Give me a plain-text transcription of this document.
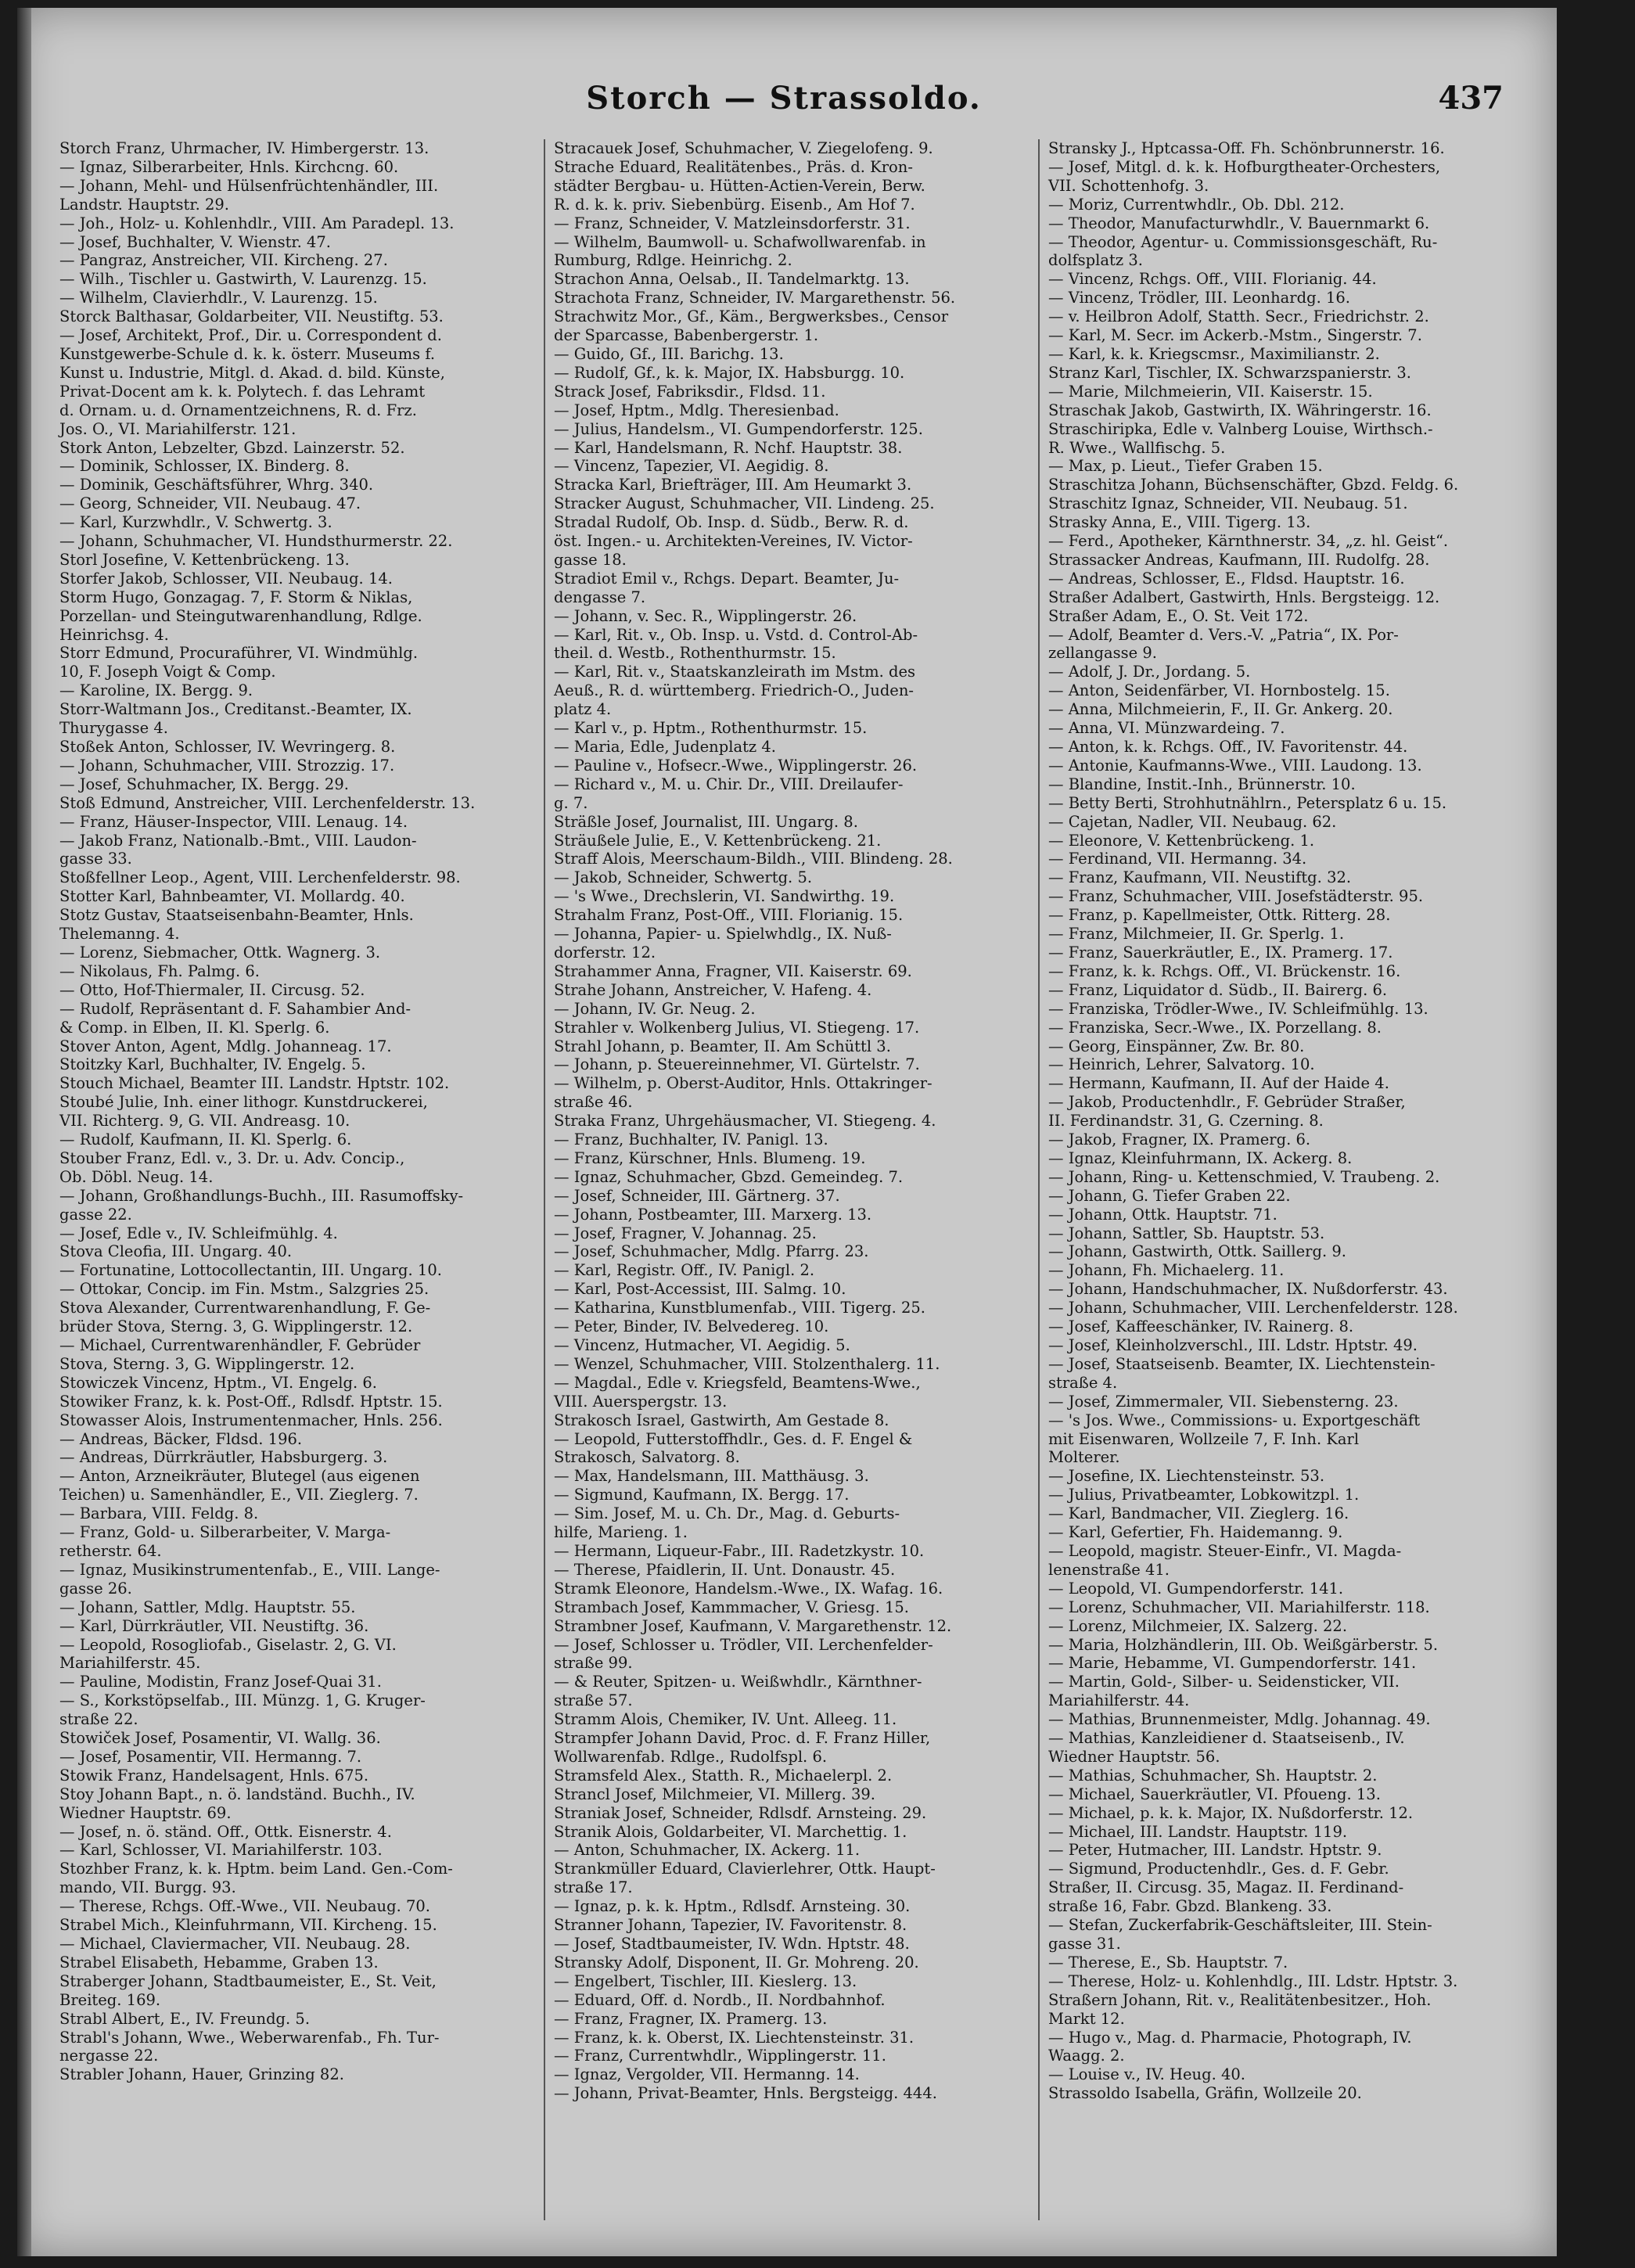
Storch — Strassoldo.	437
Storch Franz, Uhrmacher, IV. Himbergerstr. 13.
— Ignaz, Silberarbeiter, Hnls. Kirchcng. 60.
— Johann, Mehl- und Hülsenfrüchtenhändler, III.
Landstr. Hauptstr. 29.
— Joh., Holz- u. Kohlenhdlr., VIII. Am Paradepl. 13.
— Josef, Buchhalter, V. Wienstr. 47.
— Pangraz, Anstreicher, VII. Kircheng. 27.
— Wilh., Tischler u. Gastwirth, V. Laurenzg. 15.
— Wilhelm, Clavierhdlr., V. Laurenzg. 15.
Storck Balthasar, Goldarbeiter, VII. Neustiftg. 53.
— Josef, Architekt, Prof., Dir. u. Correspondent d.
Kunstgewerbe-Schule d. k. k. österr. Museums f.
Kunst u. Industrie, Mitgl. d. Akad. d. bild. Künste,
Privat-Docent am k. k. Polytech. f. das Lehramt
d. Ornam. u. d. Ornamentzeichnens, R. d. Frz.
Jos. O., VI. Mariahilferstr. 121.
Stork Anton, Lebzelter, Gbzd. Lainzerstr. 52.
— Dominik, Schlosser, IX. Binderg. 8.
— Dominik, Geschäftsführer, Whrg. 340.
— Georg, Schneider, VII. Neubaug. 47.
— Karl, Kurzwhdlr., V. Schwertg. 3.
— Johann, Schuhmacher, VI. Hundsthurmerstr. 22.
Storl Josefine, V. Kettenbrückeng. 13.
Storfer Jakob, Schlosser, VII. Neubaug. 14.
Storm Hugo, Gonzagag. 7, F. Storm & Niklas,
Porzellan- und Steingutwarenhandlung, Rdlge.
Heinrichsg. 4.
Storr Edmund, Procuraführer, VI. Windmühlg.
10, F. Joseph Voigt & Comp.
— Karoline, IX. Bergg. 9.
Storr-Waltmann Jos., Creditanst.-Beamter, IX.
Thurygasse 4.
Stoßek Anton, Schlosser, IV. Wevringerg. 8.
— Johann, Schuhmacher, VIII. Strozzig. 17.
— Josef, Schuhmacher, IX. Bergg. 29.
Stoß Edmund, Anstreicher, VIII. Lerchenfelderstr. 13.
— Franz, Häuser-Inspector, VIII. Lenaug. 14.
— Jakob Franz, Nationalb.-Bmt., VIII. Laudon-
gasse 33.
Stoßfellner Leop., Agent, VIII. Lerchenfelderstr. 98.
Stotter Karl, Bahnbeamter, VI. Mollardg. 40.
Stotz Gustav, Staatseisenbahn-Beamter, Hnls.
Thelemanng. 4.
— Lorenz, Siebmacher, Ottk. Wagnerg. 3.
— Nikolaus, Fh. Palmg. 6.
— Otto, Hof-Thiermaler, II. Circusg. 52.
— Rudolf, Repräsentant d. F. Sahambier And-
& Comp. in Elben, II. Kl. Sperlg. 6.
Stover Anton, Agent, Mdlg. Johanneag. 17.
Stoitzky Karl, Buchhalter, IV. Engelg. 5.
Stouch Michael, Beamter III. Landstr. Hptstr. 102.
Stoubé Julie, Inh. einer lithogr. Kunstdruckerei,
VII. Richterg. 9, G. VII. Andreasg. 10.
— Rudolf, Kaufmann, II. Kl. Sperlg. 6.
Stouber Franz, Edl. v., 3. Dr. u. Adv. Concip.,
Ob. Döbl. Neug. 14.
— Johann, Großhandlungs-Buchh., III. Rasumoffsky-
gasse 22.
— Josef, Edle v., IV. Schleifmühlg. 4.
Stova Cleofia, III. Ungarg. 40.
— Fortunatine, Lottocollectantin, III. Ungarg. 10.
— Ottokar, Concip. im Fin. Mstm., Salzgries 25.
Stova Alexander, Currentwarenhandlung, F. Ge-
brüder Stova, Sterng. 3, G. Wipplingerstr. 12.
— Michael, Currentwarenhändler, F. Gebrüder
Stova, Sterng. 3, G. Wipplingerstr. 12.
Stowiczek Vincenz, Hptm., VI. Engelg. 6.
Stowiker Franz, k. k. Post-Off., Rdlsdf. Hptstr. 15.
Stowasser Alois, Instrumentenmacher, Hnls. 256.
— Andreas, Bäcker, Fldsd. 196.
— Andreas, Dürrkräutler, Habsburgerg. 3.
— Anton, Arzneikräuter, Blutegel (aus eigenen
Teichen) u. Samenhändler, E., VII. Zieglerg. 7.
— Barbara, VIII. Feldg. 8.
— Franz, Gold- u. Silberarbeiter, V. Marga-
retherstr. 64.
— Ignaz, Musikinstrumentenfab., E., VIII. Lange-
gasse 26.
— Johann, Sattler, Mdlg. Hauptstr. 55.
— Karl, Dürrkräutler, VII. Neustiftg. 36.
— Leopold, Rosogliofab., Giselastr. 2, G. VI.
Mariahilferstr. 45.
— Pauline, Modistin, Franz Josef-Quai 31.
— S., Korkstöpselfab., III. Münzg. 1, G. Kruger-
straße 22.
Stowiček Josef, Posamentir, VI. Wallg. 36.
— Josef, Posamentir, VII. Hermanng. 7.
Stowik Franz, Handelsagent, Hnls. 675.
Stoy Johann Bapt., n. ö. landständ. Buchh., IV.
Wiedner Hauptstr. 69.
— Josef, n. ö. ständ. Off., Ottk. Eisnerstr. 4.
— Karl, Schlosser, VI. Mariahilferstr. 103.
Stozhber Franz, k. k. Hptm. beim Land. Gen.-Com-
mando, VII. Burgg. 93.
— Therese, Rchgs. Off.-Wwe., VII. Neubaug. 70.
Strabel Mich., Kleinfuhrmann, VII. Kircheng. 15.
— Michael, Claviermacher, VII. Neubaug. 28.
Strabel Elisabeth, Hebamme, Graben 13.
Straberger Johann, Stadtbaumeister, E., St. Veit,
Breiteg. 169.
Strabl Albert, E., IV. Freundg. 5.
Strabl's Johann, Wwe., Weberwarenfab., Fh. Tur-
nergasse 22.
Strabler Johann, Hauer, Grinzing 82.
Stracauek Josef, Schuhmacher, V. Ziegelofeng. 9.
Strache Eduard, Realitätenbes., Präs. d. Kron-
städter Bergbau- u. Hütten-Actien-Verein, Berw.
R. d. k. k. priv. Siebenbürg. Eisenb., Am Hof 7.
— Franz, Schneider, V. Matzleinsdorferstr. 31.
— Wilhelm, Baumwoll- u. Schafwollwarenfab. in
Rumburg, Rdlge. Heinrichg. 2.
Strachon Anna, Oelsab., II. Tandelmarktg. 13.
Strachota Franz, Schneider, IV. Margarethenstr. 56.
Strachwitz Mor., Gf., Käm., Bergwerksbes., Censor
der Sparcasse, Babenbergerstr. 1.
— Guido, Gf., III. Barichg. 13.
— Rudolf, Gf., k. k. Major, IX. Habsburgg. 10.
Strack Josef, Fabriksdir., Fldsd. 11.
— Josef, Hptm., Mdlg. Theresienbad.
— Julius, Handelsm., VI. Gumpendorferstr. 125.
— Karl, Handelsmann, R. Nchf. Hauptstr. 38.
— Vincenz, Tapezier, VI. Aegidig. 8.
Stracka Karl, Briefträger, III. Am Heumarkt 3.
Stracker August, Schuhmacher, VII. Lindeng. 25.
Stradal Rudolf, Ob. Insp. d. Südb., Berw. R. d.
öst. Ingen.- u. Architekten-Vereines, IV. Victor-
gasse 18.
Stradiot Emil v., Rchgs. Depart. Beamter, Ju-
dengasse 7.
— Johann, v. Sec. R., Wipplingerstr. 26.
— Karl, Rit. v., Ob. Insp. u. Vstd. d. Control-Ab-
theil. d. Westb., Rothenthurmstr. 15.
— Karl, Rit. v., Staatskanzleirath im Mstm. des
Aeuß., R. d. württemberg. Friedrich-O., Juden-
platz 4.
— Karl v., p. Hptm., Rothenthurmstr. 15.
— Maria, Edle, Judenplatz 4.
— Pauline v., Hofsecr.-Wwe., Wipplingerstr. 26.
— Richard v., M. u. Chir. Dr., VIII. Dreilaufer-
g. 7.
Sträßle Josef, Journalist, III. Ungarg. 8.
Sträußele Julie, E., V. Kettenbrückeng. 21.
Straff Alois, Meerschaum-Bildh., VIII. Blindeng. 28.
— Jakob, Schneider, Schwertg. 5.
— 's Wwe., Drechslerin, VI. Sandwirthg. 19.
Strahalm Franz, Post-Off., VIII. Florianig. 15.
— Johanna, Papier- u. Spielwhdlg., IX. Nuß-
dorferstr. 12.
Strahammer Anna, Fragner, VII. Kaiserstr. 69.
Strahe Johann, Anstreicher, V. Hafeng. 4.
— Johann, IV. Gr. Neug. 2.
Strahler v. Wolkenberg Julius, VI. Stiegeng. 17.
Strahl Johann, p. Beamter, II. Am Schüttl 3.
— Johann, p. Steuereinnehmer, VI. Gürtelstr. 7.
— Wilhelm, p. Oberst-Auditor, Hnls. Ottakringer-
straße 46.
Straka Franz, Uhrgehäusmacher, VI. Stiegeng. 4.
— Franz, Buchhalter, IV. Panigl. 13.
— Franz, Kürschner, Hnls. Blumeng. 19.
— Ignaz, Schuhmacher, Gbzd. Gemeindeg. 7.
— Josef, Schneider, III. Gärtnerg. 37.
— Johann, Postbeamter, III. Marxerg. 13.
— Josef, Fragner, V. Johannag. 25.
— Josef, Schuhmacher, Mdlg. Pfarrg. 23.
— Karl, Registr. Off., IV. Panigl. 2.
— Karl, Post-Accessist, III. Salmg. 10.
— Katharina, Kunstblumenfab., VIII. Tigerg. 25.
— Peter, Binder, IV. Belvedereg. 10.
— Vincenz, Hutmacher, VI. Aegidig. 5.
— Wenzel, Schuhmacher, VIII. Stolzenthalerg. 11.
— Magdal., Edle v. Kriegsfeld, Beamtens-Wwe.,
VIII. Auerspergstr. 13.
Strakosch Israel, Gastwirth, Am Gestade 8.
— Leopold, Futterstoffhdlr., Ges. d. F. Engel &
Strakosch, Salvatorg. 8.
— Max, Handelsmann, III. Matthäusg. 3.
— Sigmund, Kaufmann, IX. Bergg. 17.
— Sim. Josef, M. u. Ch. Dr., Mag. d. Geburts-
hilfe, Marieng. 1.
— Hermann, Liqueur-Fabr., III. Radetzkystr. 10.
— Therese, Pfaidlerin, II. Unt. Donaustr. 45.
Stramk Eleonore, Handelsm.-Wwe., IX. Wafag. 16.
Strambach Josef, Kammmacher, V. Griesg. 15.
Strambner Josef, Kaufmann, V. Margarethenstr. 12.
— Josef, Schlosser u. Trödler, VII. Lerchenfelder-
straße 99.
— & Reuter, Spitzen- u. Weißwhdlr., Kärnthner-
straße 57.
Stramm Alois, Chemiker, IV. Unt. Alleeg. 11.
Strampfer Johann David, Proc. d. F. Franz Hiller,
Wollwarenfab. Rdlge., Rudolfspl. 6.
Stramsfeld Alex., Statth. R., Michaelerpl. 2.
Strancl Josef, Milchmeier, VI. Millerg. 39.
Straniak Josef, Schneider, Rdlsdf. Arnsteing. 29.
Stranik Alois, Goldarbeiter, VI. Marchettig. 1.
— Anton, Schuhmacher, IX. Ackerg. 11.
Strankmüller Eduard, Clavierlehrer, Ottk. Haupt-
straße 17.
— Ignaz, p. k. k. Hptm., Rdlsdf. Arnsteing. 30.
Stranner Johann, Tapezier, IV. Favoritenstr. 8.
— Josef, Stadtbaumeister, IV. Wdn. Hptstr. 48.
Stransky Adolf, Disponent, II. Gr. Mohreng. 20.
— Engelbert, Tischler, III. Kieslerg. 13.
— Eduard, Off. d. Nordb., II. Nordbahnhof.
— Franz, Fragner, IX. Pramerg. 13.
— Franz, k. k. Oberst, IX. Liechtensteinstr. 31.
— Franz, Currentwhdlr., Wipplingerstr. 11.
— Ignaz, Vergolder, VII. Hermanng. 14.
— Johann, Privat-Beamter, Hnls. Bergsteigg. 444.
Stransky J., Hptcassa-Off. Fh. Schönbrunnerstr. 16.
— Josef, Mitgl. d. k. k. Hofburgtheater-Orchesters,
VII. Schottenhofg. 3.
— Moriz, Currentwhdlr., Ob. Dbl. 212.
— Theodor, Manufacturwhdlr., V. Bauernmarkt 6.
— Theodor, Agentur- u. Commissionsgeschäft, Ru-
dolfsplatz 3.
— Vincenz, Rchgs. Off., VIII. Florianig. 44.
— Vincenz, Trödler, III. Leonhardg. 16.
— v. Heilbron Adolf, Statth. Secr., Friedrichstr. 2.
— Karl, M. Secr. im Ackerb.-Mstm., Singerstr. 7.
— Karl, k. k. Kriegscmsr., Maximilianstr. 2.
Stranz Karl, Tischler, IX. Schwarzspanierstr. 3.
— Marie, Milchmeierin, VII. Kaiserstr. 15.
Straschak Jakob, Gastwirth, IX. Währingerstr. 16.
Straschiripka, Edle v. Valnberg Louise, Wirthsch.-
R. Wwe., Wallfischg. 5.
— Max, p. Lieut., Tiefer Graben 15.
Straschitza Johann, Büchsenschäfter, Gbzd. Feldg. 6.
Straschitz Ignaz, Schneider, VII. Neubaug. 51.
Strasky Anna, E., VIII. Tigerg. 13.
— Ferd., Apotheker, Kärnthnerstr. 34, „z. hl. Geist“.
Strassacker Andreas, Kaufmann, III. Rudolfg. 28.
— Andreas, Schlosser, E., Fldsd. Hauptstr. 16.
Straßer Adalbert, Gastwirth, Hnls. Bergsteigg. 12.
Straßer Adam, E., O. St. Veit 172.
— Adolf, Beamter d. Vers.-V. „Patria“, IX. Por-
zellangasse 9.
— Adolf, J. Dr., Jordang. 5.
— Anton, Seidenfärber, VI. Hornbostelg. 15.
— Anna, Milchmeierin, F., II. Gr. Ankerg. 20.
— Anna, VI. Münzwardeing. 7.
— Anton, k. k. Rchgs. Off., IV. Favoritenstr. 44.
— Antonie, Kaufmanns-Wwe., VIII. Laudong. 13.
— Blandine, Instit.-Inh., Brünnerstr. 10.
— Betty Berti, Strohhutnählrn., Petersplatz 6 u. 15.
— Cajetan, Nadler, VII. Neubaug. 62.
— Eleonore, V. Kettenbrückeng. 1.
— Ferdinand, VII. Hermanng. 34.
— Franz, Kaufmann, VII. Neustiftg. 32.
— Franz, Schuhmacher, VIII. Josefstädterstr. 95.
— Franz, p. Kapellmeister, Ottk. Ritterg. 28.
— Franz, Milchmeier, II. Gr. Sperlg. 1.
— Franz, Sauerkräutler, E., IX. Pramerg. 17.
— Franz, k. k. Rchgs. Off., VI. Brückenstr. 16.
— Franz, Liquidator d. Südb., II. Bairerg. 6.
— Franziska, Trödler-Wwe., IV. Schleifmühlg. 13.
— Franziska, Secr.-Wwe., IX. Porzellang. 8.
— Georg, Einspänner, Zw. Br. 80.
— Heinrich, Lehrer, Salvatorg. 10.
— Hermann, Kaufmann, II. Auf der Haide 4.
— Jakob, Productenhdlr., F. Gebrüder Straßer,
II. Ferdinandstr. 31, G. Czerning. 8.
— Jakob, Fragner, IX. Pramerg. 6.
— Ignaz, Kleinfuhrmann, IX. Ackerg. 8.
— Johann, Ring- u. Kettenschmied, V. Traubeng. 2.
— Johann, G. Tiefer Graben 22.
— Johann, Ottk. Hauptstr. 71.
— Johann, Sattler, Sb. Hauptstr. 53.
— Johann, Gastwirth, Ottk. Saillerg. 9.
— Johann, Fh. Michaelerg. 11.
— Johann, Handschuhmacher, IX. Nußdorferstr. 43.
— Johann, Schuhmacher, VIII. Lerchenfelderstr. 128.
— Josef, Kaffeeschänker, IV. Rainerg. 8.
— Josef, Kleinholzverschl., III. Ldstr. Hptstr. 49.
— Josef, Staatseisenb. Beamter, IX. Liechtenstein-
straße 4.
— Josef, Zimmermaler, VII. Siebensterng. 23.
— 's Jos. Wwe., Commissions- u. Exportgeschäft
mit Eisenwaren, Wollzeile 7, F. Inh. Karl
Molterer.
— Josefine, IX. Liechtensteinstr. 53.
— Julius, Privatbeamter, Lobkowitzpl. 1.
— Karl, Bandmacher, VII. Zieglerg. 16.
— Karl, Gefertier, Fh. Haidemanng. 9.
— Leopold, magistr. Steuer-Einfr., VI. Magda-
lenenstraße 41.
— Leopold, VI. Gumpendorferstr. 141.
— Lorenz, Schuhmacher, VII. Mariahilferstr. 118.
— Lorenz, Milchmeier, IX. Salzerg. 22.
— Maria, Holzhändlerin, III. Ob. Weißgärberstr. 5.
— Marie, Hebamme, VI. Gumpendorferstr. 141.
— Martin, Gold-, Silber- u. Seidensticker, VII.
Mariahilferstr. 44.
— Mathias, Brunnenmeister, Mdlg. Johannag. 49.
— Mathias, Kanzleidiener d. Staatseisenb., IV.
Wiedner Hauptstr. 56.
— Mathias, Schuhmacher, Sh. Hauptstr. 2.
— Michael, Sauerkräutler, VI. Pfoueng. 13.
— Michael, p. k. k. Major, IX. Nußdorferstr. 12.
— Michael, III. Landstr. Hauptstr. 119.
— Peter, Hutmacher, III. Landstr. Hptstr. 9.
— Sigmund, Productenhdlr., Ges. d. F. Gebr.
Straßer, II. Circusg. 35, Magaz. II. Ferdinand-
straße 16, Fabr. Gbzd. Blankeng. 33.
— Stefan, Zuckerfabrik-Geschäftsleiter, III. Stein-
gasse 31.
— Therese, E., Sb. Hauptstr. 7.
— Therese, Holz- u. Kohlenhdlg., III. Ldstr. Hptstr. 3.
Straßern Johann, Rit. v., Realitätenbesitzer., Hoh.
Markt 12.
— Hugo v., Mag. d. Pharmacie, Photograph, IV.
Waagg. 2.
— Louise v., IV. Heug. 40.
Strassoldo Isabella, Gräfin, Wollzeile 20.
